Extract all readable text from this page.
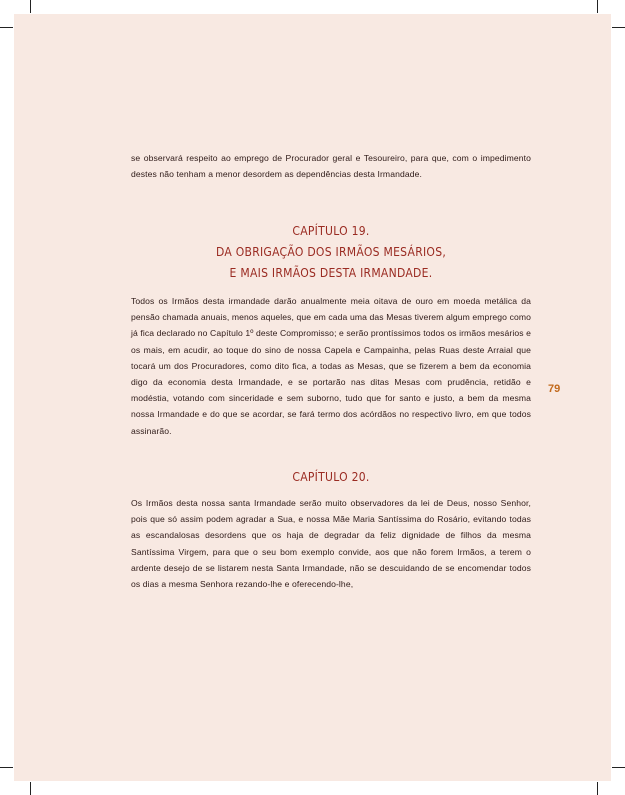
se observará respeito ao emprego de Procurador geral e Tesoureiro, para que, com o impedimento destes não tenham a menor desordem as dependências desta Irmandade.

CAPÍTULO 19.
DA OBRIGAÇÃO DOS IRMÃOS MESÁRIOS,
E MAIS IRMÃOS DESTA IRMANDADE.

Todos os Irmãos desta irmandade darão anualmente meia oitava de ouro em moeda metálica da pensão chamada anuais, menos aqueles, que em cada uma das Mesas tiverem algum emprego como já fica declarado no Capítulo 1º deste Compromisso; e serão prontíssimos todos os irmãos mesários e os mais, em acudir, ao toque do sino de nossa Capela e Campainha, pelas Ruas deste Arraial que tocará um dos Procuradores, como dito fica, a todas as Mesas, que se fizerem a bem da economia digo da economia desta Irmandade, e se portarão nas ditas Mesas com prudência, retidão e modéstia, votando com sinceridade e sem suborno, tudo que for santo e justo, a bem da mesma nossa Irmandade e do que se acordar, se fará termo dos acórdãos no respectivo livro, em que todos assinarão.

79
CAPÍTULO 20.

Os Irmãos desta nossa santa Irmandade serão muito observadores da lei de Deus, nosso Senhor, pois que só assim podem agradar a Sua, e nossa Mãe Maria Santíssima do Rosário, evitando todas as escandalosas desordens que os haja de degradar da feliz dignidade de filhos da mesma Santíssima Virgem, para que o seu bom exemplo convide, aos que não forem Irmãos, a terem o ardente desejo de se listarem nesta Santa Irmandade, não se descuidando de se encomendar todos os dias a mesma Senhora rezando-lhe e oferecendo-lhe,
